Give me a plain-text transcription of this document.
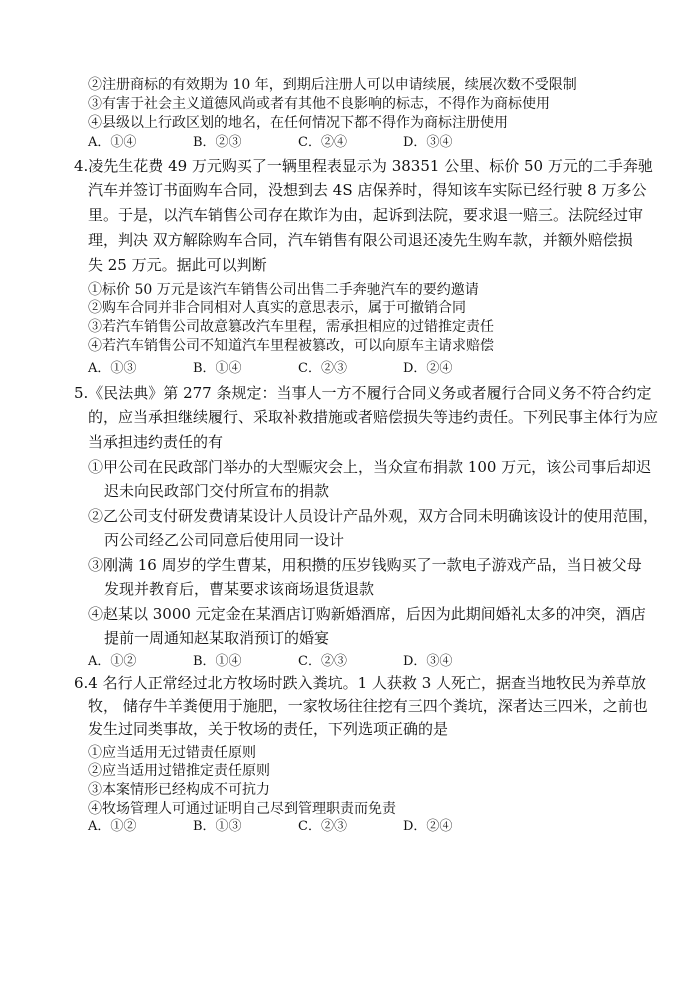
②注册商标的有效期为 10 年，到期后注册人可以申请续展，续展次数不受限制
③有害于社会主义道德风尚或者有其他不良影响的标志，不得作为商标使用
④县级以上行政区划的地名，在任何情况下都不得作为商标注册使用
A．①④	B．②③	C．②④	D．③④
4.凌先生花费 49 万元购买了一辆里程表显示为 38351 公里、标价 50 万元的二手奔驰
汽车并签订书面购车合同，没想到去 4S 店保养时，得知该车实际已经行驶 8 万多公
里。于是，以汽车销售公司存在欺诈为由，起诉到法院，要求退一赔三。法院经过审
理，判决 双方解除购车合同，汽车销售有限公司退还凌先生购车款，并额外赔偿损
失 25 万元。据此可以判断
①标价 50 万元是该汽车销售公司出售二手奔驰汽车的要约邀请
②购车合同并非合同相对人真实的意思表示，属于可撤销合同
③若汽车销售公司故意篡改汽车里程，需承担相应的过错推定责任
④若汽车销售公司不知道汽车里程被篡改，可以向原车主请求赔偿
A．①③	B．①④	C．②③	D．②④
5.《民法典》第 277 条规定：当事人一方不履行合同义务或者履行合同义务不符合约定
的，应当承担继续履行、采取补救措施或者赔偿损失等违约责任。下列民事主体行为应
当承担违约责任的有
①甲公司在民政部门举办的大型赈灾会上，当众宣布捐款 100 万元，该公司事后却迟
迟未向民政部门交付所宣布的捐款
②乙公司支付研发费请某设计人员设计产品外观，双方合同未明确该设计的使用范围，
丙公司经乙公司同意后使用同一设计
③刚满 16 周岁的学生曹某，用积攒的压岁钱购买了一款电子游戏产品，当日被父母
发现并教育后，曹某要求该商场退货退款
④赵某以 3000 元定金在某酒店订购新婚酒席，后因为此期间婚礼太多的冲突，酒店
提前一周通知赵某取消预订的婚宴
A．①②	B．①④	C．②③	D．③④
6.4 名行人正常经过北方牧场时跌入粪坑。1 人获救 3 人死亡，据查当地牧民为养草放
牧， 储存牛羊粪便用于施肥，一家牧场往往挖有三四个粪坑，深者达三四米，之前也
发生过同类事故，关于牧场的责任，下列选项正确的是
①应当适用无过错责任原则
②应当适用过错推定责任原则
③本案情形已经构成不可抗力
④牧场管理人可通过证明自己尽到管理职责而免责
A．①②	B．①③	C．②③	D．②④
